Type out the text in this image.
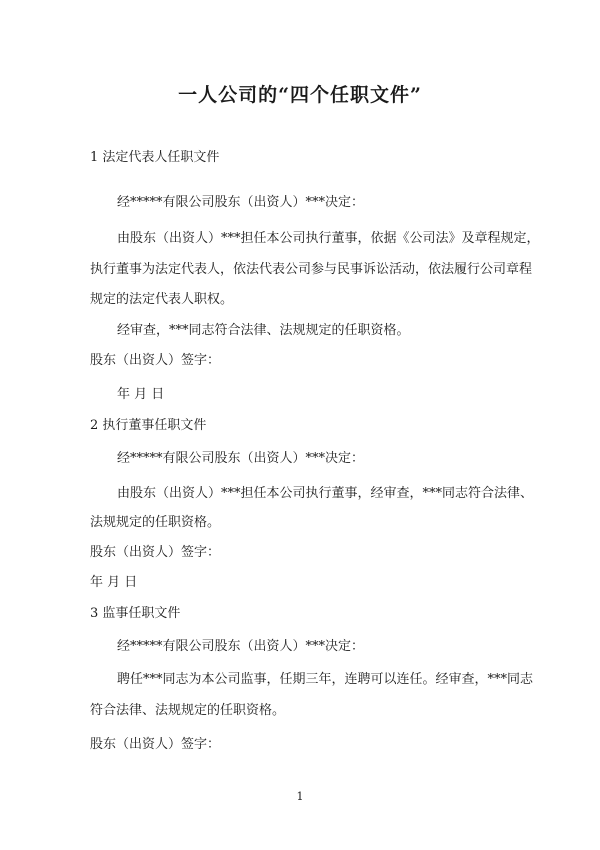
一人公司的“四个任职文件”
1 法定代表人任职文件
经*****有限公司股东（出资人）***决定：
由股东（出资人）***担任本公司执行董事，依据《公司法》及章程规定，
执行董事为法定代表人，依法代表公司参与民事诉讼活动，依法履行公司章程
规定的法定代表人职权。
经审查，***同志符合法律、法规规定的任职资格。
股东（出资人）签字：
年 月 日
2 执行董事任职文件
经*****有限公司股东（出资人）***决定：
由股东（出资人）***担任本公司执行董事，经审查，***同志符合法律、
法规规定的任职资格。
股东（出资人）签字：
年 月 日
3 监事任职文件
经*****有限公司股东（出资人）***决定：
聘任***同志为本公司监事，任期三年，连聘可以连任。经审查，***同志
符合法律、法规规定的任职资格。
股东（出资人）签字：
1
